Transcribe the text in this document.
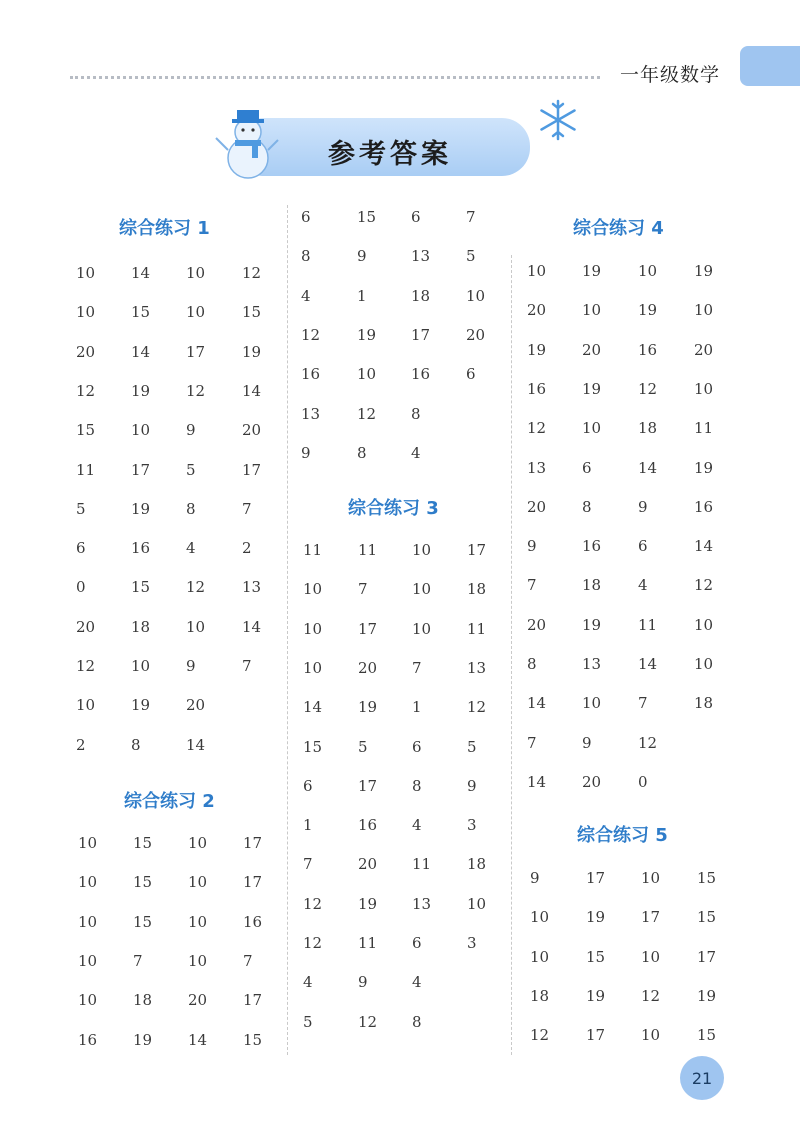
一年级数学
参考答案
综合练习 1
10 14 10 12
10 15 10 15
20 14 17 19
12 19 12 14
15 10 9	20
11 17 5	17
5	19 8	7
6	16 4	2
0	15 12 13
20 18 10 14
12 10 9	7
10 19 20
2	8	14
综合练习 2
10 15 10 17
10 15 10 17
10 15 10 16
10 7	10 7
10 18 20 17
16 19 14 15
6	15 6	7
8	9	13 5
4	1	18 10
12 19 17 20
16 10 16 6
13 12 8
9	8	4
综合练习 3
11 11 10 17
10 7	10 18
10 17 10 11
10 20 7	13
14 19 1	12
15 5	6	5
6	17 8	9
1	16 4	3
7	20 11 18
12 19 13 10
12 11 6	3
4	9	4
5	12 8
综合练习 4
10 19 10 19
20 10 19 10
19 20 16 20
16 19 12 10
12 10 18 11
13 6	14 19
20 8	9	16
9	16 6	14
7	18 4	12
20 19 11 10
8	13 14 10
14 10 7	18
7	9	12
14 20 0
综合练习 5
9	17 10 15
10 19 17 15
10 15 10 17
18 19 12 19
12 17 10 15
21
